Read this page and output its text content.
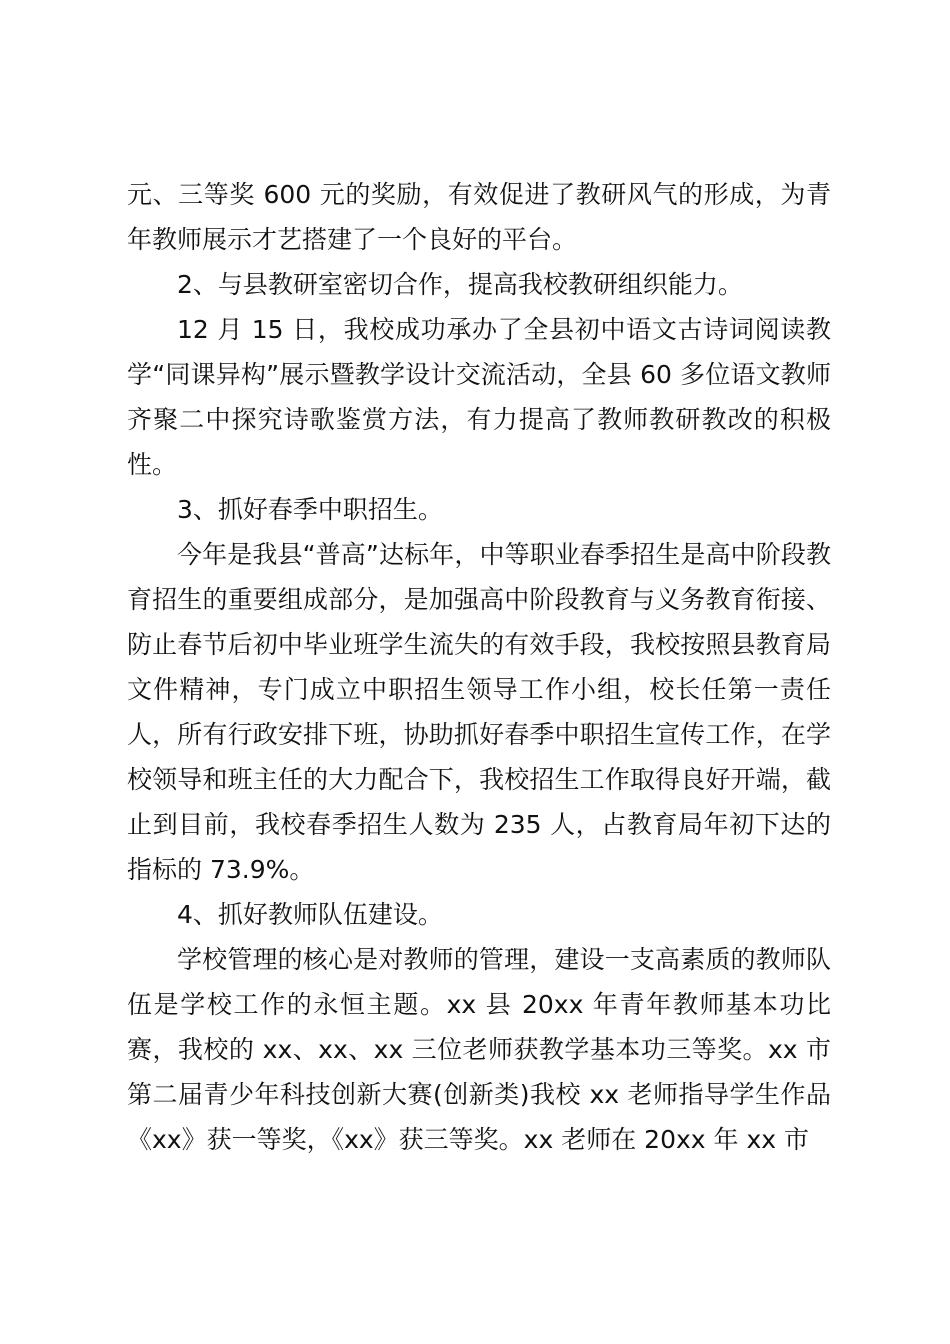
元、三等奖 600 元的奖励，有效促进了教研风气的形成，为青年教师展示才艺搭建了一个良好的平台。

2、与县教研室密切合作，提高我校教研组织能力。

12 月 15 日，我校成功承办了全县初中语文古诗词阅读教学“同课异构”展示暨教学设计交流活动，全县 60 多位语文教师齐聚二中探究诗歌鉴赏方法，有力提高了教师教研教改的积极性。

3、抓好春季中职招生。

今年是我县“普高”达标年，中等职业春季招生是高中阶段教育招生的重要组成部分，是加强高中阶段教育与义务教育衔接、防止春节后初中毕业班学生流失的有效手段，我校按照县教育局文件精神，专门成立中职招生领导工作小组，校长任第一责任人，所有行政安排下班，协助抓好春季中职招生宣传工作，在学校领导和班主任的大力配合下，我校招生工作取得良好开端，截止到目前，我校春季招生人数为 235 人，占教育局年初下达的指标的 73.9%。

4、抓好教师队伍建设。

学校管理的核心是对教师的管理，建设一支高素质的教师队伍是学校工作的永恒主题。xx 县 20xx 年青年教师基本功比赛，我校的 xx、xx、xx 三位老师获教学基本功三等奖。xx 市第二届青少年科技创新大赛(创新类)我校 xx 老师指导学生作品《xx》获一等奖，《xx》获三等奖。xx 老师在 20xx 年 xx 市
